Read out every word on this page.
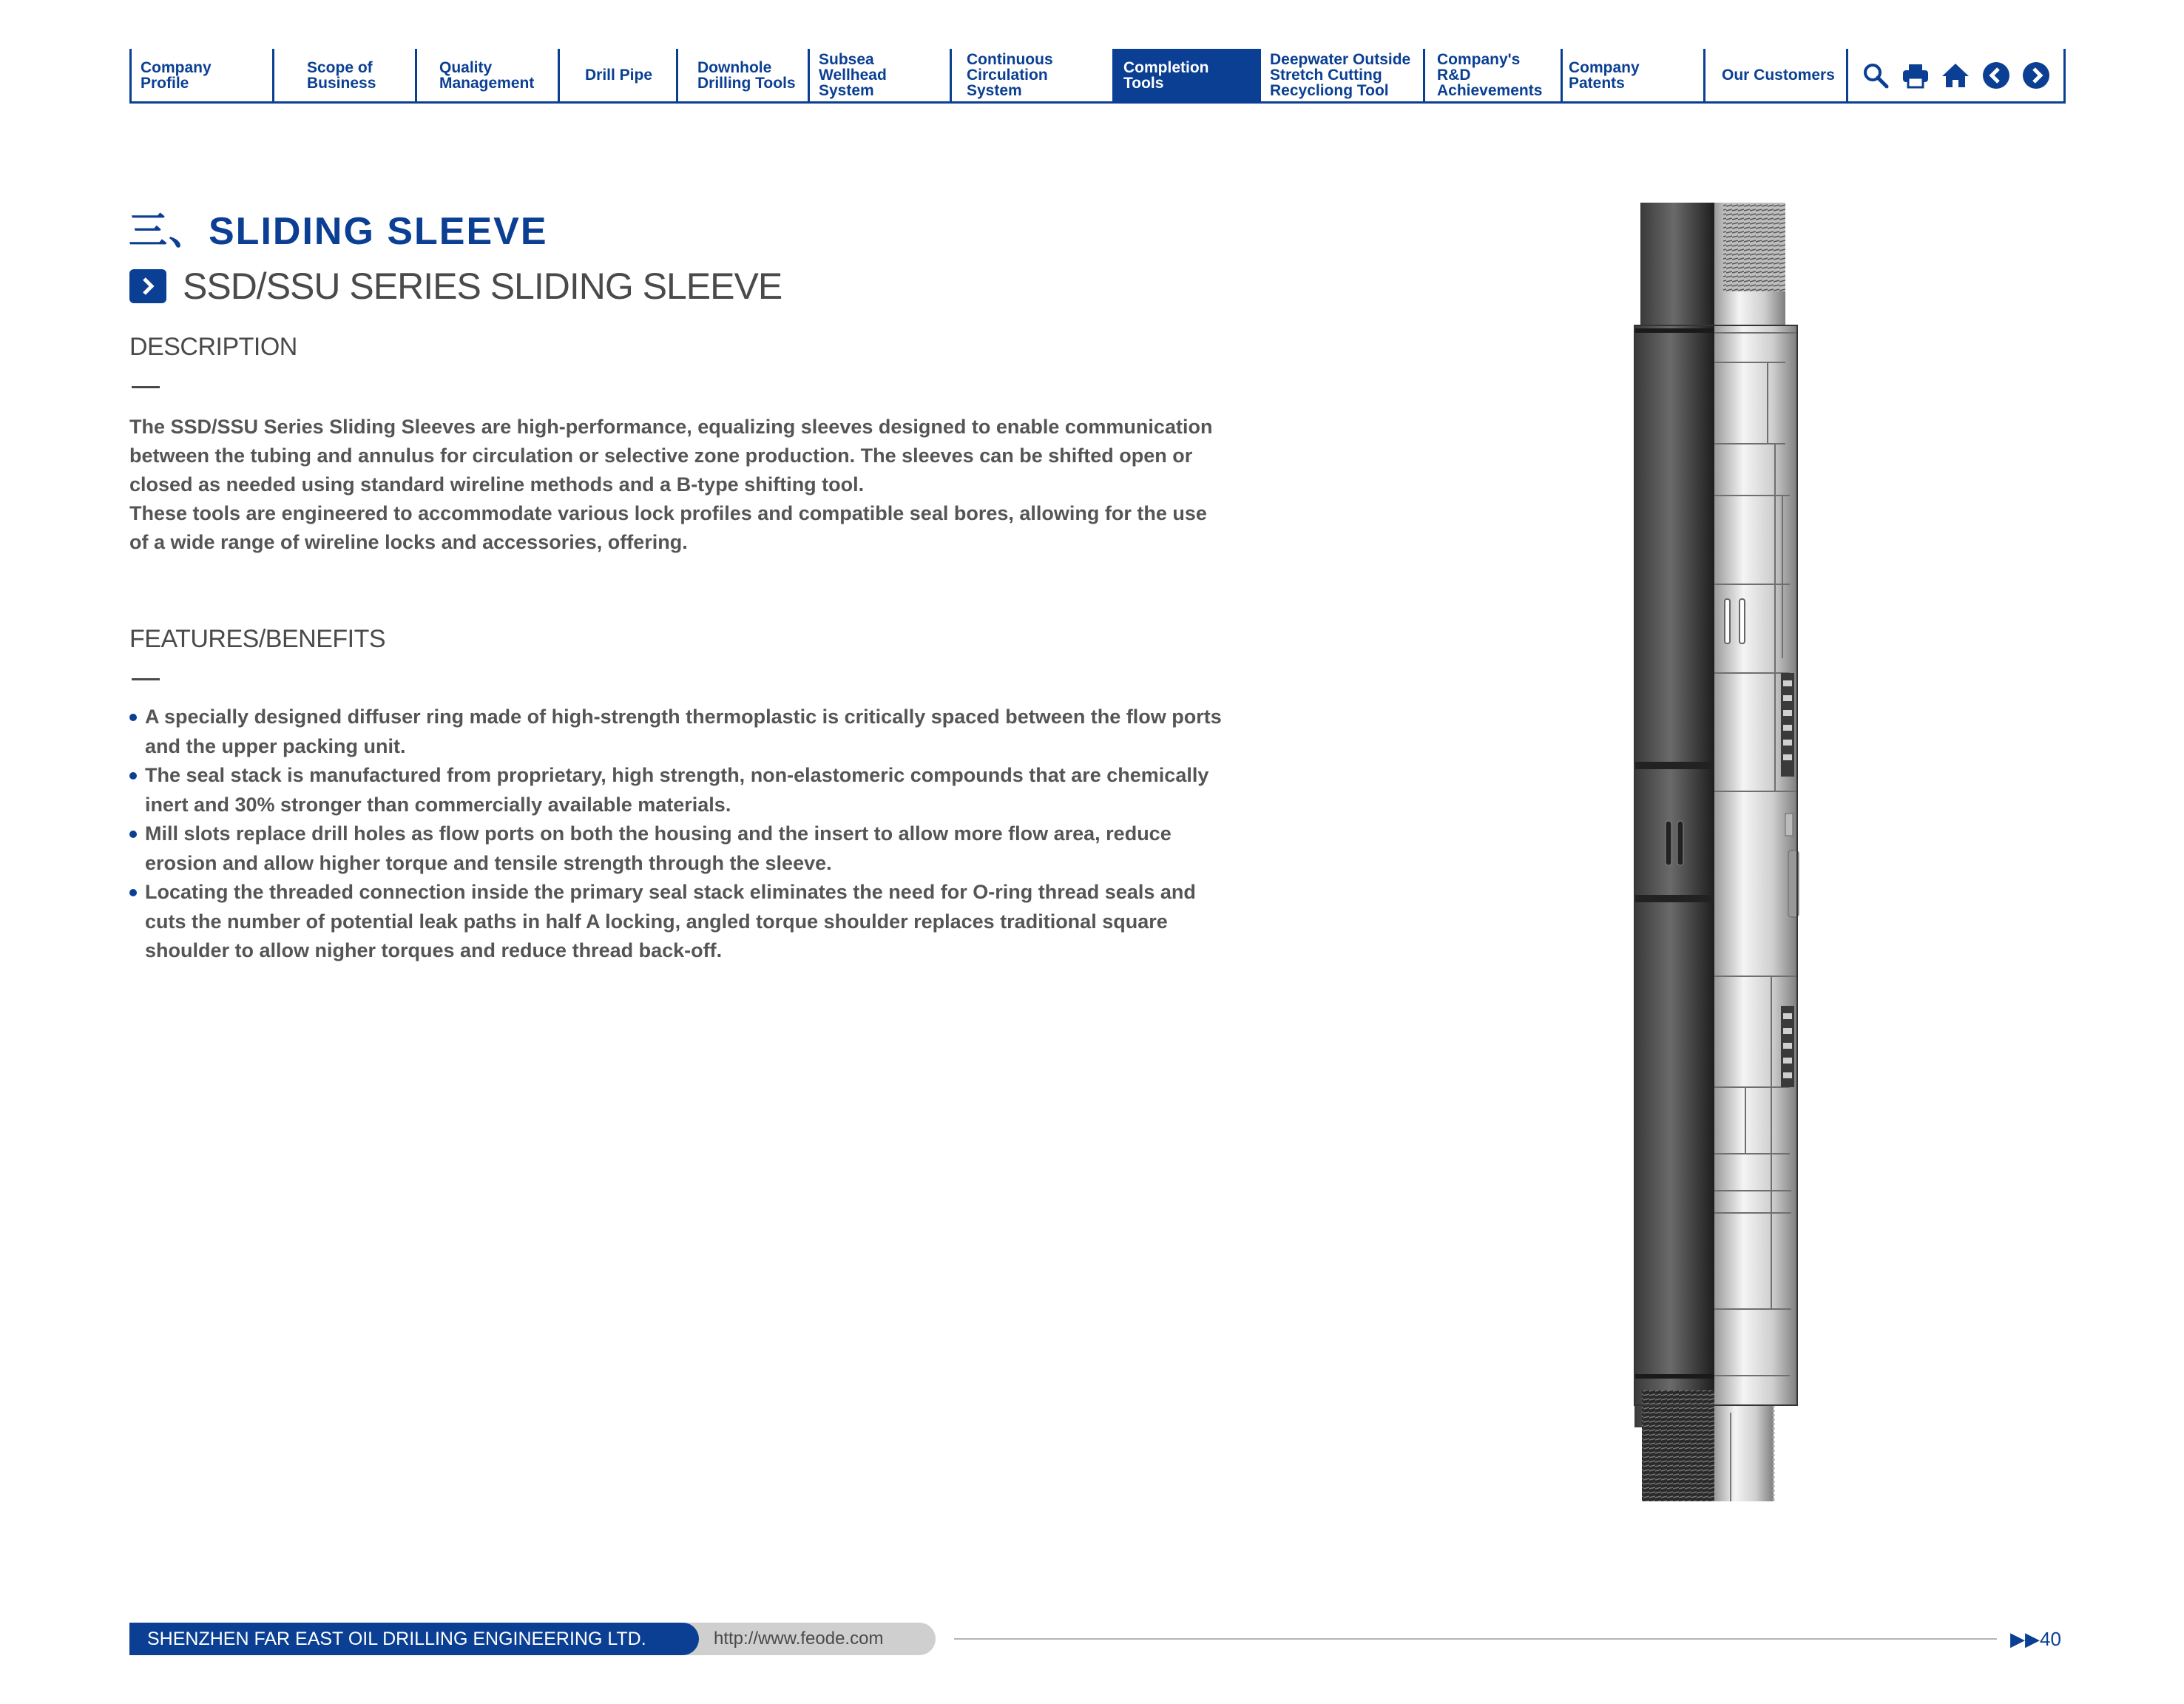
Company Profile
Scope of
Business
Quality
Management	Drill Pipe	Downhole
Drilling Tools
Subsea Wellhead
System
Continuous
Circulation System
Completion Tools
Deepwater Outside
Stretch Cutting
Recycliong Tool
Company's R&D
Achievements
Company Patents	Our Customers
三、SLIDING SLEEVE
SSD/SSU SERIES SLIDING SLEEVE
DESCRIPTION

The SSD/SSU Series Sliding Sleeves are high-performance, equalizing sleeves designed to enable communication between the tubing and annulus for circulation or selective zone production. The sleeves can be shifted open or closed as needed using standard wireline methods and a B-type shifting tool.

These tools are engineered to accommodate various lock profiles and compatible seal bores, allowing for the use of a wide range of wireline locks and accessories, offering.

FEATURES/BENEFITS
A specially designed diffuser ring made of high-strength thermoplastic is critically spaced between the flow ports and the upper packing unit.
The seal stack is manufactured from proprietary, high strength, non-elastomeric compounds that are chemically inert and 30% stronger than commercially available materials.
Mill slots replace drill holes as flow ports on both the housing and the insert to allow more flow area, reduce erosion and allow higher torque and tensile strength through the sleeve.
Locating the threaded connection inside the primary seal stack eliminates the need for O-ring thread seals and cuts the number of potential leak paths in half A locking, angled torque shoulder replaces traditional square shoulder to allow nigher torques and reduce thread back-off.
SHENZHEN FAR EAST OIL DRILLING ENGINEERING LTD.	http://www.feode.com	▶▶40
